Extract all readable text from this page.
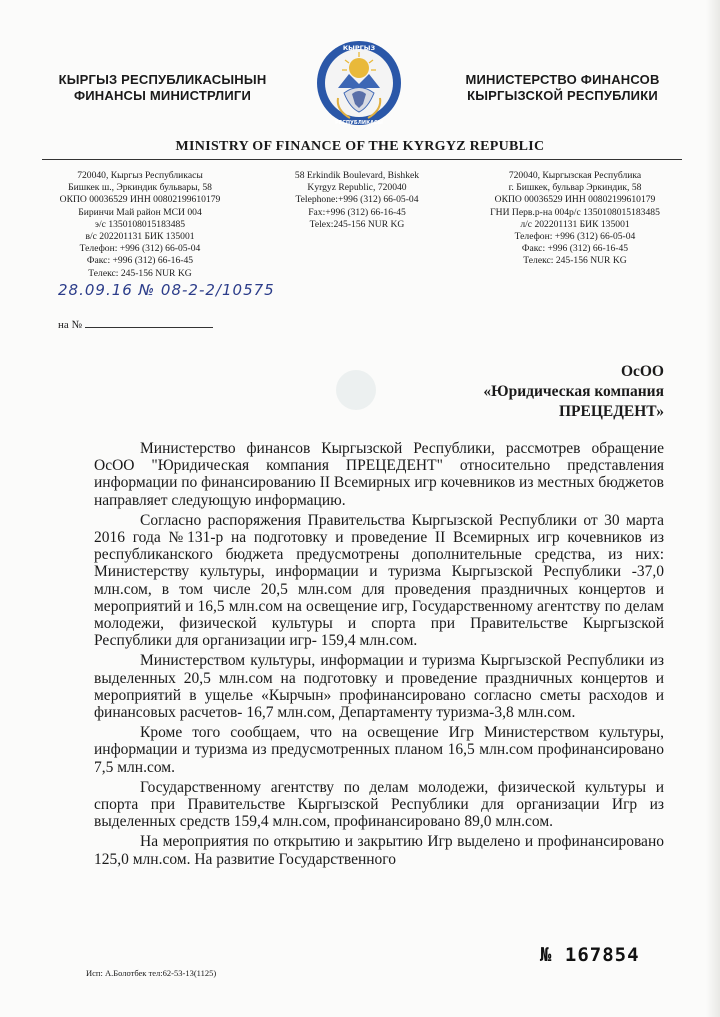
КЫРГЫЗ РЕСПУБЛИКАСЫНЫН
ФИНАНСЫ МИНИСТРЛИГИ
КЫРГЫЗ
РЕСПУБЛИКАСЫ
МИНИСТЕРСТВО ФИНАНСОВ
КЫРГЫЗСКОЙ РЕСПУБЛИКИ
MINISTRY OF FINANCE OF THE KYRGYZ REPUBLIC
720040, Кыргыз Республикасы
Бишкек ш., Эркиндик бульвары, 58
ОКПО 00036529 ИНН 00802199610179
Биринчи Май район МСИ 004
э/с 1350108015183485
в/с 202201131 БИК 135001
Телефон: +996 (312) 66-05-04
Факс: +996 (312) 66-16-45
Телекс: 245-156 NUR KG
58 Erkindik Boulevard, Bishkek
Kyrgyz Republic, 720040
Telephone:+996 (312) 66-05-04
Fax:+996 (312) 66-16-45
Telex:245-156 NUR KG
720040, Кыргызская Республика
г. Бишкек, бульвар Эркиндик, 58
ОКПО 00036529 ИНН 00802199610179
ГНИ Перв.р-на 004р/с 1350108015183485
л/с 202201131 БИК 135001
Телефон: +996 (312) 66-05-04
Факс: +996 (312) 66-16-45
Телекс: 245-156 NUR KG
28.09.16 № 08-2-2/10575
на №
ОсОО
«Юридическая компания
ПРЕЦЕДЕНТ»

Министерство финансов Кыргызской Республики, рассмотрев обращение ОсОО "Юридическая компания ПРЕЦЕДЕНТ" относительно представления информации по финансированию II Всемирных игр кочевников из местных бюджетов направляет следующую информацию.

Согласно распоряжения Правительства Кыргызской Республики от 30 марта 2016 года №131-р на подготовку и проведение II Всемирных игр кочевников из республиканского бюджета предусмотрены дополнительные средства, из них: Министерству культуры, информации и туризма Кыргызской Республики -37,0 млн.сом, в том числе 20,5 млн.сом для проведения праздничных концертов и мероприятий и 16,5 млн.сом на освещение игр, Государственному агентству по делам молодежи, физической культуры и спорта при Правительстве Кыргызской Республики для организации игр- 159,4 млн.сом.

Министерством культуры, информации и туризма Кыргызской Республики из выделенных 20,5 млн.сом на подготовку и проведение праздничных концертов и мероприятий в ущелье «Кырчын» профинансировано согласно сметы расходов и финансовых расчетов- 16,7 млн.сом, Департаменту туризма-3,8 млн.сом.

Кроме того сообщаем, что на освещение Игр Министерством культуры, информации и туризма из предусмотренных планом 16,5 млн.сом профинансировано 7,5 млн.сом.

Государственному агентству по делам молодежи, физической культуры и спорта при Правительстве Кыргызской Республики для организации Игр из выделенных средств 159,4 млн.сом, профинансировано 89,0 млн.сом.

На мероприятия по открытию и закрытию Игр выделено и профинансировано 125,0 млн.сом. На развитие Государственного

№ 167854
Исп: А.Болотбек тел:62-53-13(1125)
